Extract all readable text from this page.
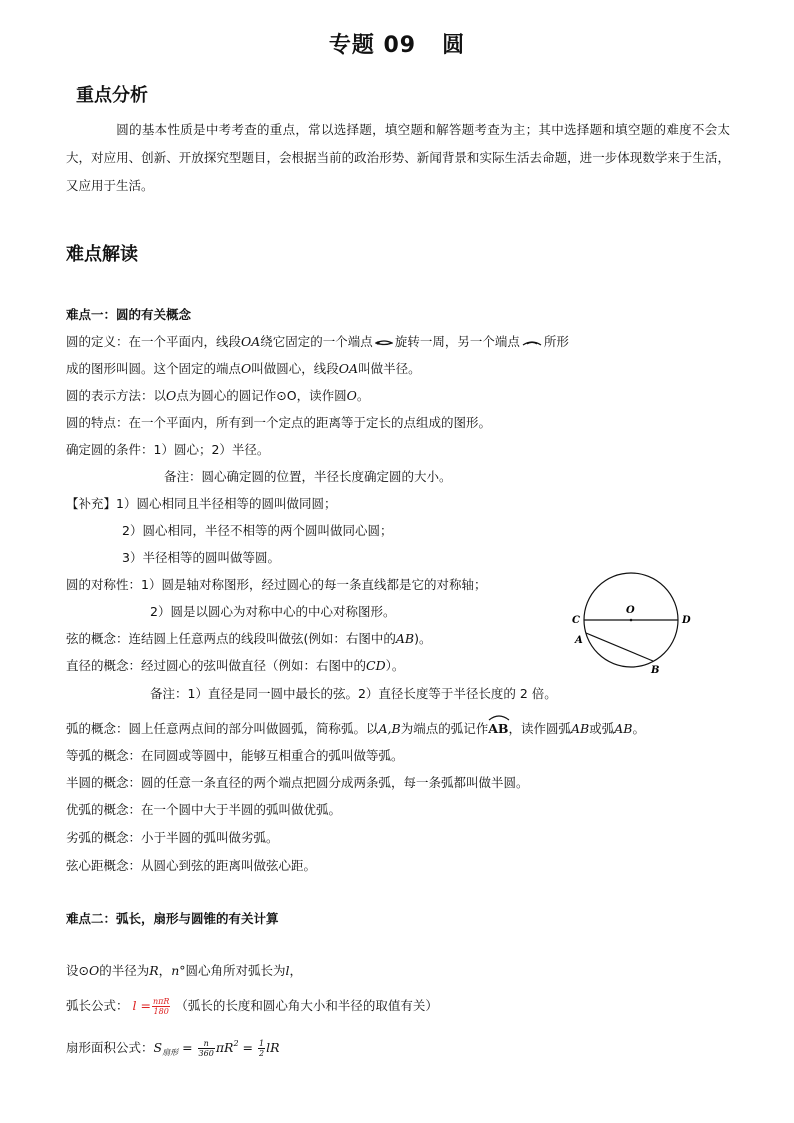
专题 09 圆
重点分析
圆的基本性质是中考考查的重点，常以选择题，填空题和解答题考查为主；其中选择题和填空题的难度不会太大，对应用、创新、开放探究型题目，会根据当前的政治形势、新闻背景和实际生活去命题，进一步体现数学来于生活，又应用于生活。
难点解读
难点一：圆的有关概念
圆的定义：在一个平面内，线段OA绕它固定的一个端点 旋转一周，另一个端点 所形
成的图形叫圆。这个固定的端点O叫做圆心，线段OA叫做半径。
圆的表示方法：以O点为圆心的圆记作⊙O，读作圆O。
圆的特点：在一个平面内，所有到一个定点的距离等于定长的点组成的图形。
确定圆的条件：1）圆心；2）半径。
备注：圆心确定圆的位置，半径长度确定圆的大小。
【补充】1）圆心相同且半径相等的圆叫做同圆；
2）圆心相同，半径不相等的两个圆叫做同心圆；
3）半径相等的圆叫做等圆。
圆的对称性：1）圆是轴对称图形，经过圆心的每一条直线都是它的对称轴；
2）圆是以圆心为对称中心的中心对称图形。
弦的概念：连结圆上任意两点的线段叫做弦(例如：右图中的AB)。
直径的概念：经过圆心的弦叫做直径（例如：右图中的CD）。
备注：1）直径是同一圆中最长的弦。2）直径长度等于半径长度的 2 倍。
弧的概念：圆上任意两点间的部分叫做圆弧，简称弧。以A,B为端点的弧记作
AB，读作圆弧AB或弧AB。
等弧的概念：在同圆或等圆中，能够互相重合的弧叫做等弧。
半圆的概念：圆的任意一条直径的两个端点把圆分成两条弧，每一条弧都叫做半圆。
优弧的概念：在一个圆中大于半圆的弧叫做优弧。
劣弧的概念：小于半圆的弧叫做劣弧。
弦心距概念：从圆心到弦的距离叫做弦心距。
O
C	D
A
B
难点二：弧长，扇形与圆锥的有关计算
设⊙O的半径为R，n°圆心角所对弧长为l，
弧长公式： $l = \frac{\text{nπR}}{180}$ （弧长的长度和圆心角大小和半径的取值有关）
扇形面积公式：$S_{扇形} = \frac{n}{360} \pi R^2 = \frac{1}{2}$ lR
